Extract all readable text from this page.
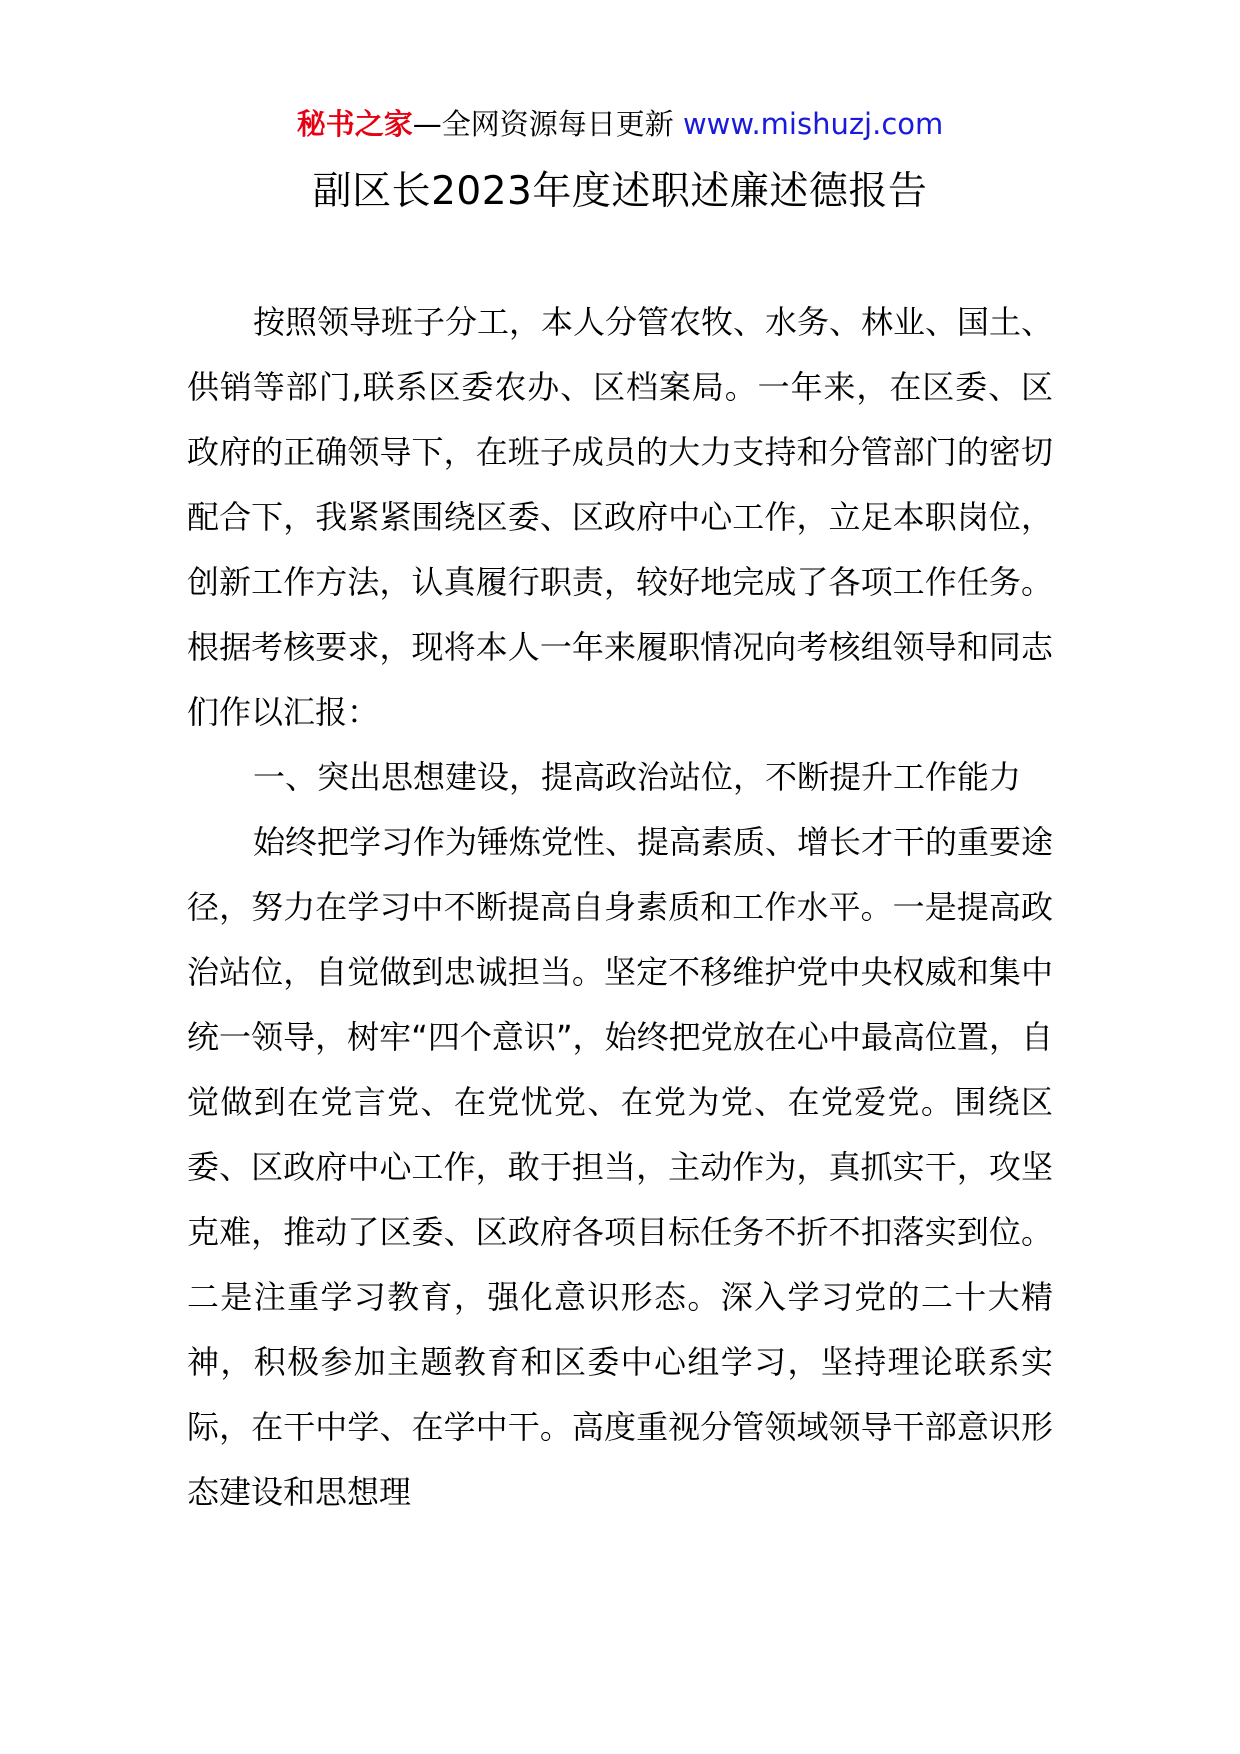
秘书之家—全网资源每日更新 www.mishuzj.com
副区长2023年度述职述廉述德报告

按照领导班子分工，本人分管农牧、水务、林业、国土、供销等部门,联系区委农办、区档案局。一年来，在区委、区政府的正确领导下，在班子成员的大力支持和分管部门的密切配合下，我紧紧围绕区委、区政府中心工作，立足本职岗位，创新工作方法，认真履行职责，较好地完成了各项工作任务。根据考核要求，现将本人一年来履职情况向考核组领导和同志们作以汇报：

一、突出思想建设，提高政治站位，不断提升工作能力

始终把学习作为锤炼党性、提高素质、增长才干的重要途径，努力在学习中不断提高自身素质和工作水平。一是提高政治站位，自觉做到忠诚担当。坚定不移维护党中央权威和集中统一领导，树牢“四个意识”，始终把党放在心中最高位置，自觉做到在党言党、在党忧党、在党为党、在党爱党。围绕区委、区政府中心工作，敢于担当，主动作为，真抓实干，攻坚克难，推动了区委、区政府各项目标任务不折不扣落实到位。二是注重学习教育，强化意识形态。深入学习党的二十大精神，积极参加主题教育和区委中心组学习，坚持理论联系实际，在干中学、在学中干。高度重视分管领域领导干部意识形态建设和思想理
